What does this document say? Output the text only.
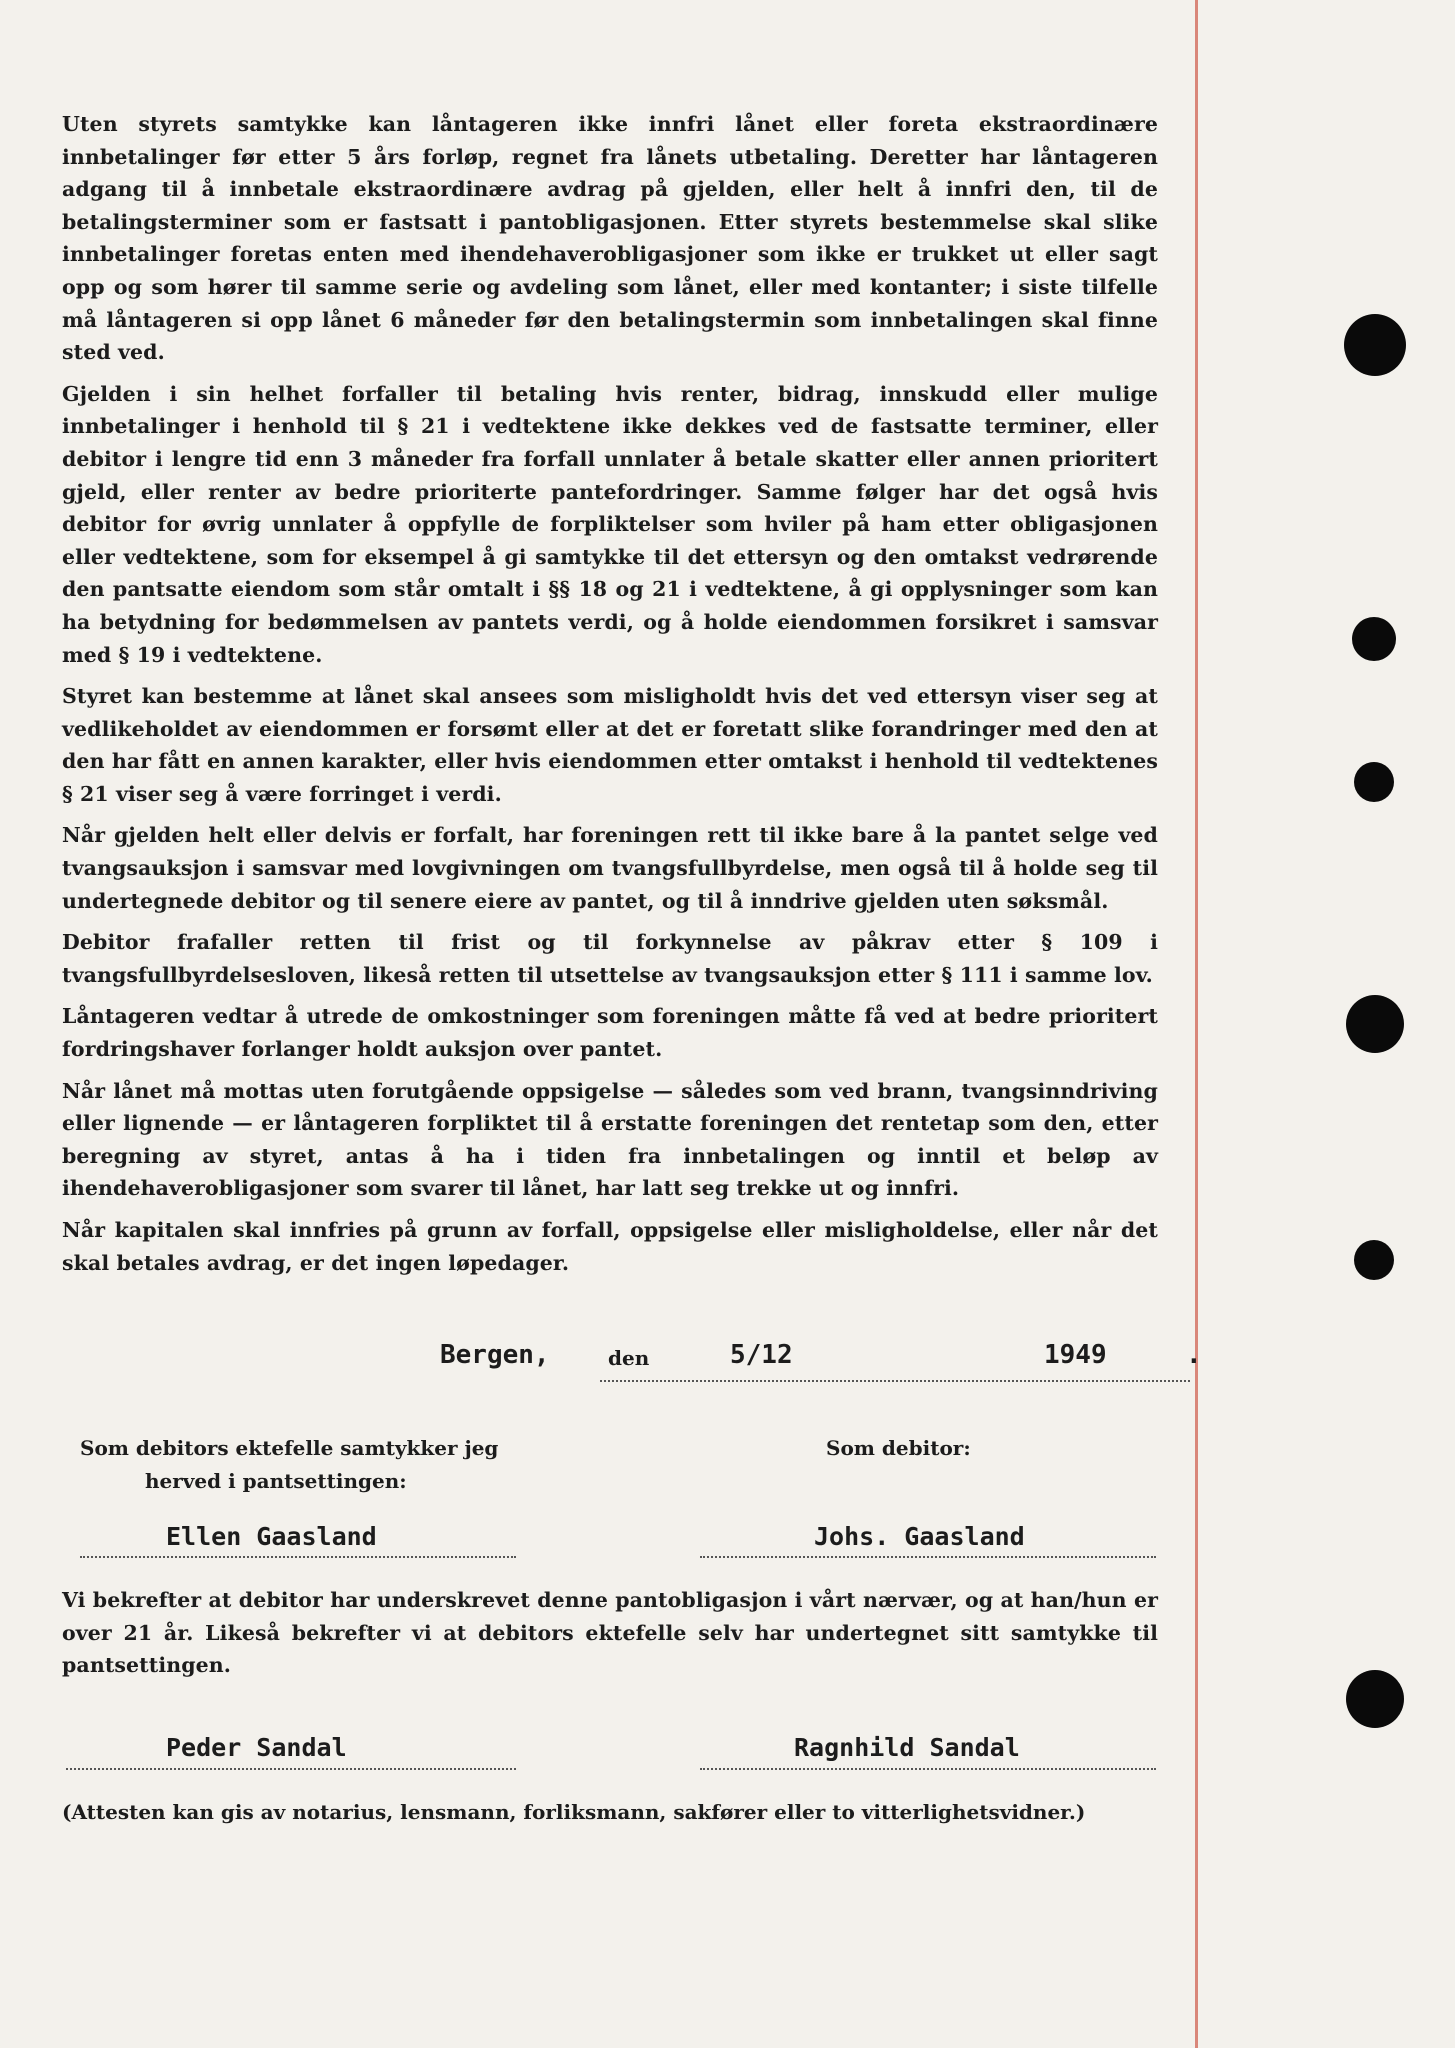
Uten styrets samtykke kan låntageren ikke innfri lånet eller foreta ekstraordinære innbetalinger før etter 5 års forløp, regnet fra lånets utbetaling. Deretter har låntageren adgang til å innbetale ekstraordinære avdrag på gjelden, eller helt å innfri den, til de betalingsterminer som er fastsatt i pantobligasjonen. Etter styrets bestemmelse skal slike innbetalinger foretas enten med ihendehaverobligasjoner som ikke er trukket ut eller sagt opp og som hører til samme serie og avdeling som lånet, eller med kontanter; i siste tilfelle må låntageren si opp lånet 6 måneder før den betalingstermin som innbetalingen skal finne sted ved.

Gjelden i sin helhet forfaller til betaling hvis renter, bidrag, innskudd eller mulige innbetalinger i henhold til § 21 i vedtektene ikke dekkes ved de fastsatte terminer, eller debitor i lengre tid enn 3 måneder fra forfall unnlater å betale skatter eller annen prioritert gjeld, eller renter av bedre prioriterte pantefordringer. Samme følger har det også hvis debitor for øvrig unnlater å oppfylle de forpliktelser som hviler på ham etter obligasjonen eller vedtektene, som for eksempel å gi samtykke til det ettersyn og den omtakst vedrørende den pantsatte eiendom som står omtalt i §§ 18 og 21 i vedtektene, å gi opplysninger som kan ha betydning for bedømmelsen av pantets verdi, og å holde eiendommen forsikret i samsvar med § 19 i vedtektene.

Styret kan bestemme at lånet skal ansees som misligholdt hvis det ved ettersyn viser seg at vedlikeholdet av eiendommen er forsømt eller at det er foretatt slike forandringer med den at den har fått en annen karakter, eller hvis eiendommen etter omtakst i henhold til vedtektenes § 21 viser seg å være forringet i verdi.

Når gjelden helt eller delvis er forfalt, har foreningen rett til ikke bare å la pantet selge ved tvangsauksjon i samsvar med lovgivningen om tvangsfullbyrdelse, men også til å holde seg til undertegnede debitor og til senere eiere av pantet, og til å inndrive gjelden uten søksmål.

Debitor frafaller retten til frist og til forkynnelse av påkrav etter § 109 i tvangsfullbyrdelsesloven, likeså retten til utsettelse av tvangsauksjon etter § 111 i samme lov.

Låntageren vedtar å utrede de omkostninger som foreningen måtte få ved at bedre prioritert fordringshaver forlanger holdt auksjon over pantet.

Når lånet må mottas uten forutgående oppsigelse — således som ved brann, tvangsinndriving eller lignende — er låntageren forpliktet til å erstatte foreningen det rentetap som den, etter beregning av styret, antas å ha i tiden fra innbetalingen og inntil et beløp av ihendehaverobligasjoner som svarer til lånet, har latt seg trekke ut og innfri.

Når kapitalen skal innfries på grunn av forfall, oppsigelse eller misligholdelse, eller når det skal betales avdrag, er det ingen løpedager.

Bergen,	den	5/12	1949	.
Som debitors ektefelle samtykker jeg
herved i pantsettingen:
Som debitor:
Ellen Gaasland	Johs. Gaasland

Vi bekrefter at debitor har underskrevet denne pantobligasjon i vårt nærvær, og at han/hun er over 21 år. Likeså bekrefter vi at debitors ektefelle selv har undertegnet sitt samtykke til pantsettingen.

Peder Sandal	Ragnhild Sandal
(Attesten kan gis av notarius, lensmann, forliksmann, sakfører eller to vitterlighetsvidner.)
